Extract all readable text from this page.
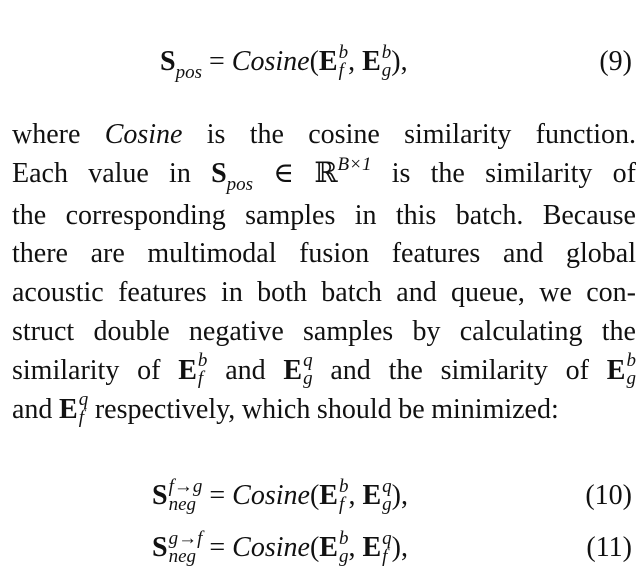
$S_{pos} = Cosine(E$ b
f , E b
g ),	(9)
where Cosine is the cosine similarity function.
Each value in $S_{pos}$ ∈ ℝ$^{B\times 1}$ is the similarity of
the corresponding samples in this batch. Because
there are multimodal fusion features and global
acoustic features in both batch and queue, we con-
struct double negative samples by calculating the
similarity of E b
f and E q
g and the similarity of E b
g
and E q
f respectively, which should be minimized:
S f→g
neg = Cosine(E b
f , E q
g ),	(10)
S g→f
neg = Cosine(E b
g , E q
f ),	(11)
